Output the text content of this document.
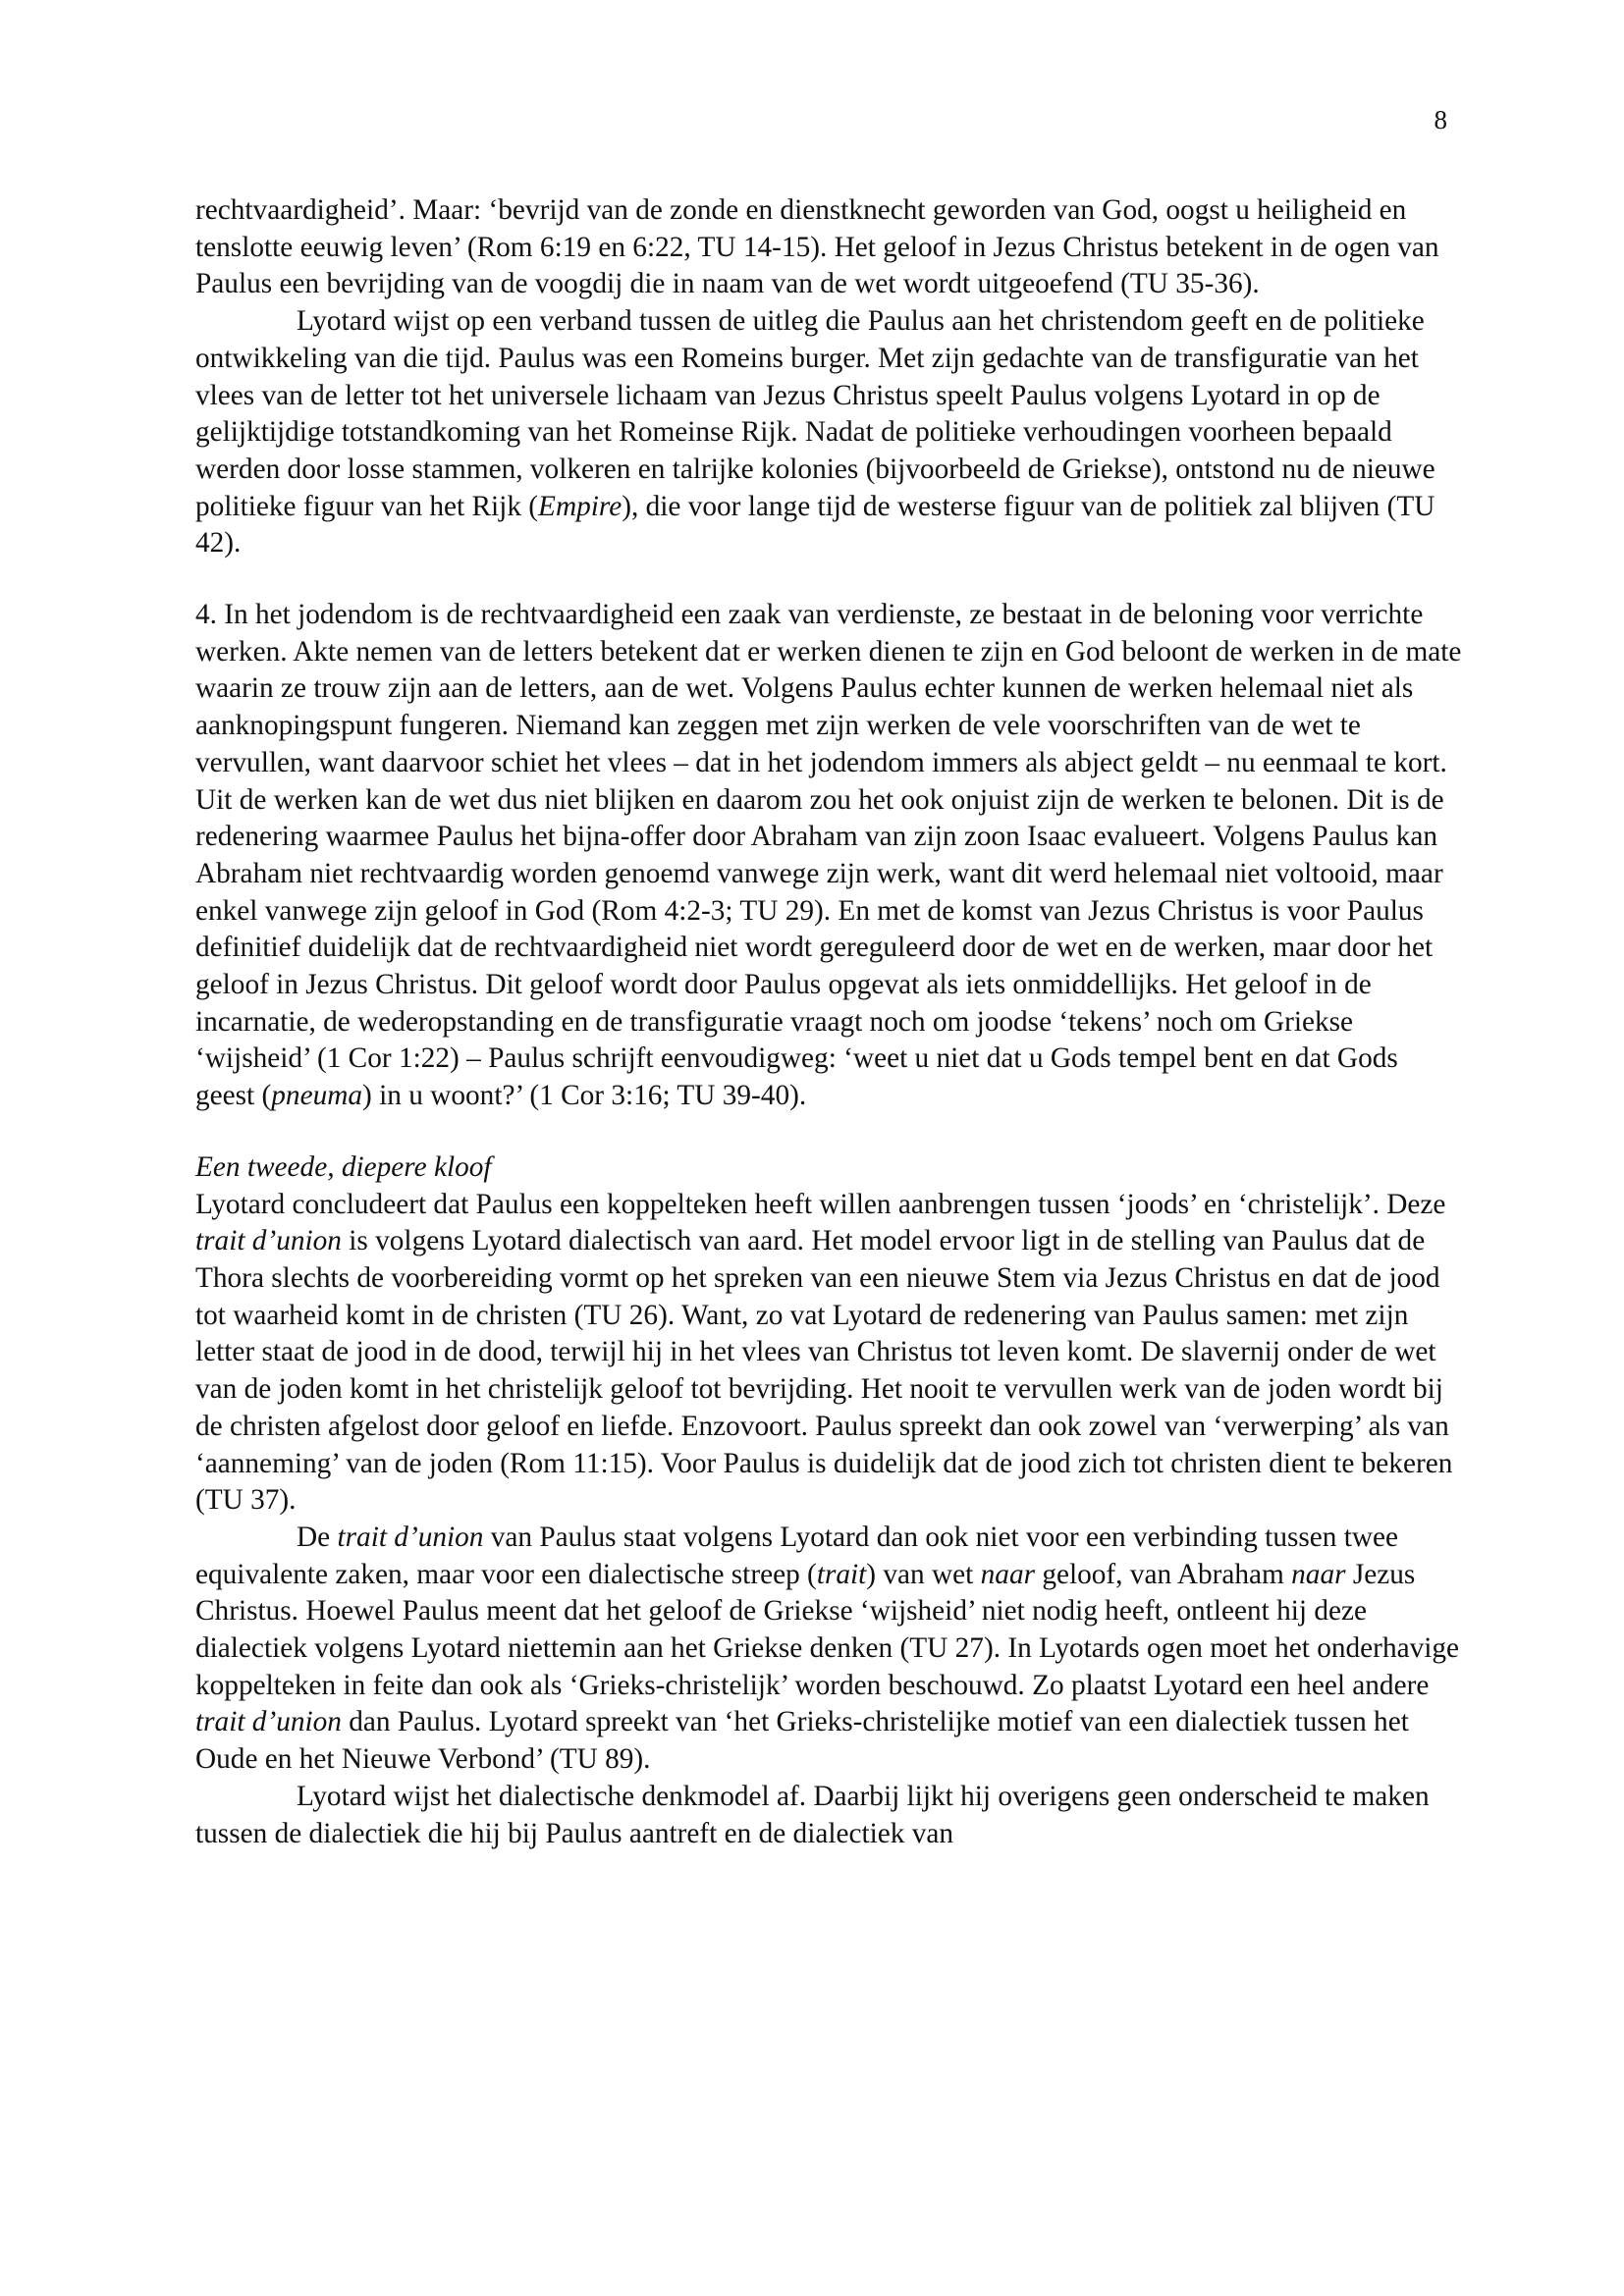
8

rechtvaardigheid’. Maar: ‘bevrijd van de zonde en dienstknecht geworden van God, oogst u heiligheid en tenslotte eeuwig leven’ (Rom 6:19 en 6:22, TU 14-15). Het geloof in Jezus Christus betekent in de ogen van Paulus een bevrijding van de voogdij die in naam van de wet wordt uitgeoefend (TU 35-36).

Lyotard wijst op een verband tussen de uitleg die Paulus aan het christendom geeft en de politieke ontwikkeling van die tijd. Paulus was een Romeins burger. Met zijn gedachte van de transfiguratie van het vlees van de letter tot het universele lichaam van Jezus Christus speelt Paulus volgens Lyotard in op de gelijktijdige totstandkoming van het Romeinse Rijk. Nadat de politieke verhoudingen voorheen bepaald werden door losse stammen, volkeren en talrijke kolonies (bijvoorbeeld de Griekse), ontstond nu de nieuwe politieke figuur van het Rijk (Empire), die voor lange tijd de westerse figuur van de politiek zal blijven (TU 42).

4. In het jodendom is de rechtvaardigheid een zaak van verdienste, ze bestaat in de beloning voor verrichte werken. Akte nemen van de letters betekent dat er werken dienen te zijn en God beloont de werken in de mate waarin ze trouw zijn aan de letters, aan de wet. Volgens Paulus echter kunnen de werken helemaal niet als aanknopingspunt fungeren. Niemand kan zeggen met zijn werken de vele voorschriften van de wet te vervullen, want daarvoor schiet het vlees – dat in het jodendom immers als abject geldt – nu eenmaal te kort. Uit de werken kan de wet dus niet blijken en daarom zou het ook onjuist zijn de werken te belonen. Dit is de redenering waarmee Paulus het bijna-offer door Abraham van zijn zoon Isaac evalueert. Volgens Paulus kan Abraham niet rechtvaardig worden genoemd vanwege zijn werk, want dit werd helemaal niet voltooid, maar enkel vanwege zijn geloof in God (Rom 4:2-3; TU 29). En met de komst van Jezus Christus is voor Paulus definitief duidelijk dat de rechtvaardigheid niet wordt gereguleerd door de wet en de werken, maar door het geloof in Jezus Christus. Dit geloof wordt door Paulus opgevat als iets onmiddellijks. Het geloof in de incarnatie, de wederopstanding en de transfiguratie vraagt noch om joodse ‘tekens’ noch om Griekse ‘wijsheid’ (1 Cor 1:22) – Paulus schrijft eenvoudigweg: ‘weet u niet dat u Gods tempel bent en dat Gods geest (pneuma) in u woont?’ (1 Cor 3:16; TU 39-40).

Een tweede, diepere kloof

Lyotard concludeert dat Paulus een koppelteken heeft willen aanbrengen tussen ‘joods’ en ‘christelijk’. Deze trait d’union is volgens Lyotard dialectisch van aard. Het model ervoor ligt in de stelling van Paulus dat de Thora slechts de voorbereiding vormt op het spreken van een nieuwe Stem via Jezus Christus en dat de jood tot waarheid komt in de christen (TU 26). Want, zo vat Lyotard de redenering van Paulus samen: met zijn letter staat de jood in de dood, terwijl hij in het vlees van Christus tot leven komt. De slavernij onder de wet van de joden komt in het christelijk geloof tot bevrijding. Het nooit te vervullen werk van de joden wordt bij de christen afgelost door geloof en liefde. Enzovoort. Paulus spreekt dan ook zowel van ‘verwerping’ als van ‘aanneming’ van de joden (Rom 11:15). Voor Paulus is duidelijk dat de jood zich tot christen dient te bekeren (TU 37).

De trait d’union van Paulus staat volgens Lyotard dan ook niet voor een verbinding tussen twee equivalente zaken, maar voor een dialectische streep (trait) van wet naar geloof, van Abraham naar Jezus Christus. Hoewel Paulus meent dat het geloof de Griekse ‘wijsheid’ niet nodig heeft, ontleent hij deze dialectiek volgens Lyotard niettemin aan het Griekse denken (TU 27). In Lyotards ogen moet het onderhavige koppelteken in feite dan ook als ‘Grieks-christelijk’ worden beschouwd. Zo plaatst Lyotard een heel andere trait d’union dan Paulus. Lyotard spreekt van ‘het Grieks-christelijke motief van een dialectiek tussen het Oude en het Nieuwe Verbond’ (TU 89).

Lyotard wijst het dialectische denkmodel af. Daarbij lijkt hij overigens geen onderscheid te maken tussen de dialectiek die hij bij Paulus aantreft en de dialectiek van
